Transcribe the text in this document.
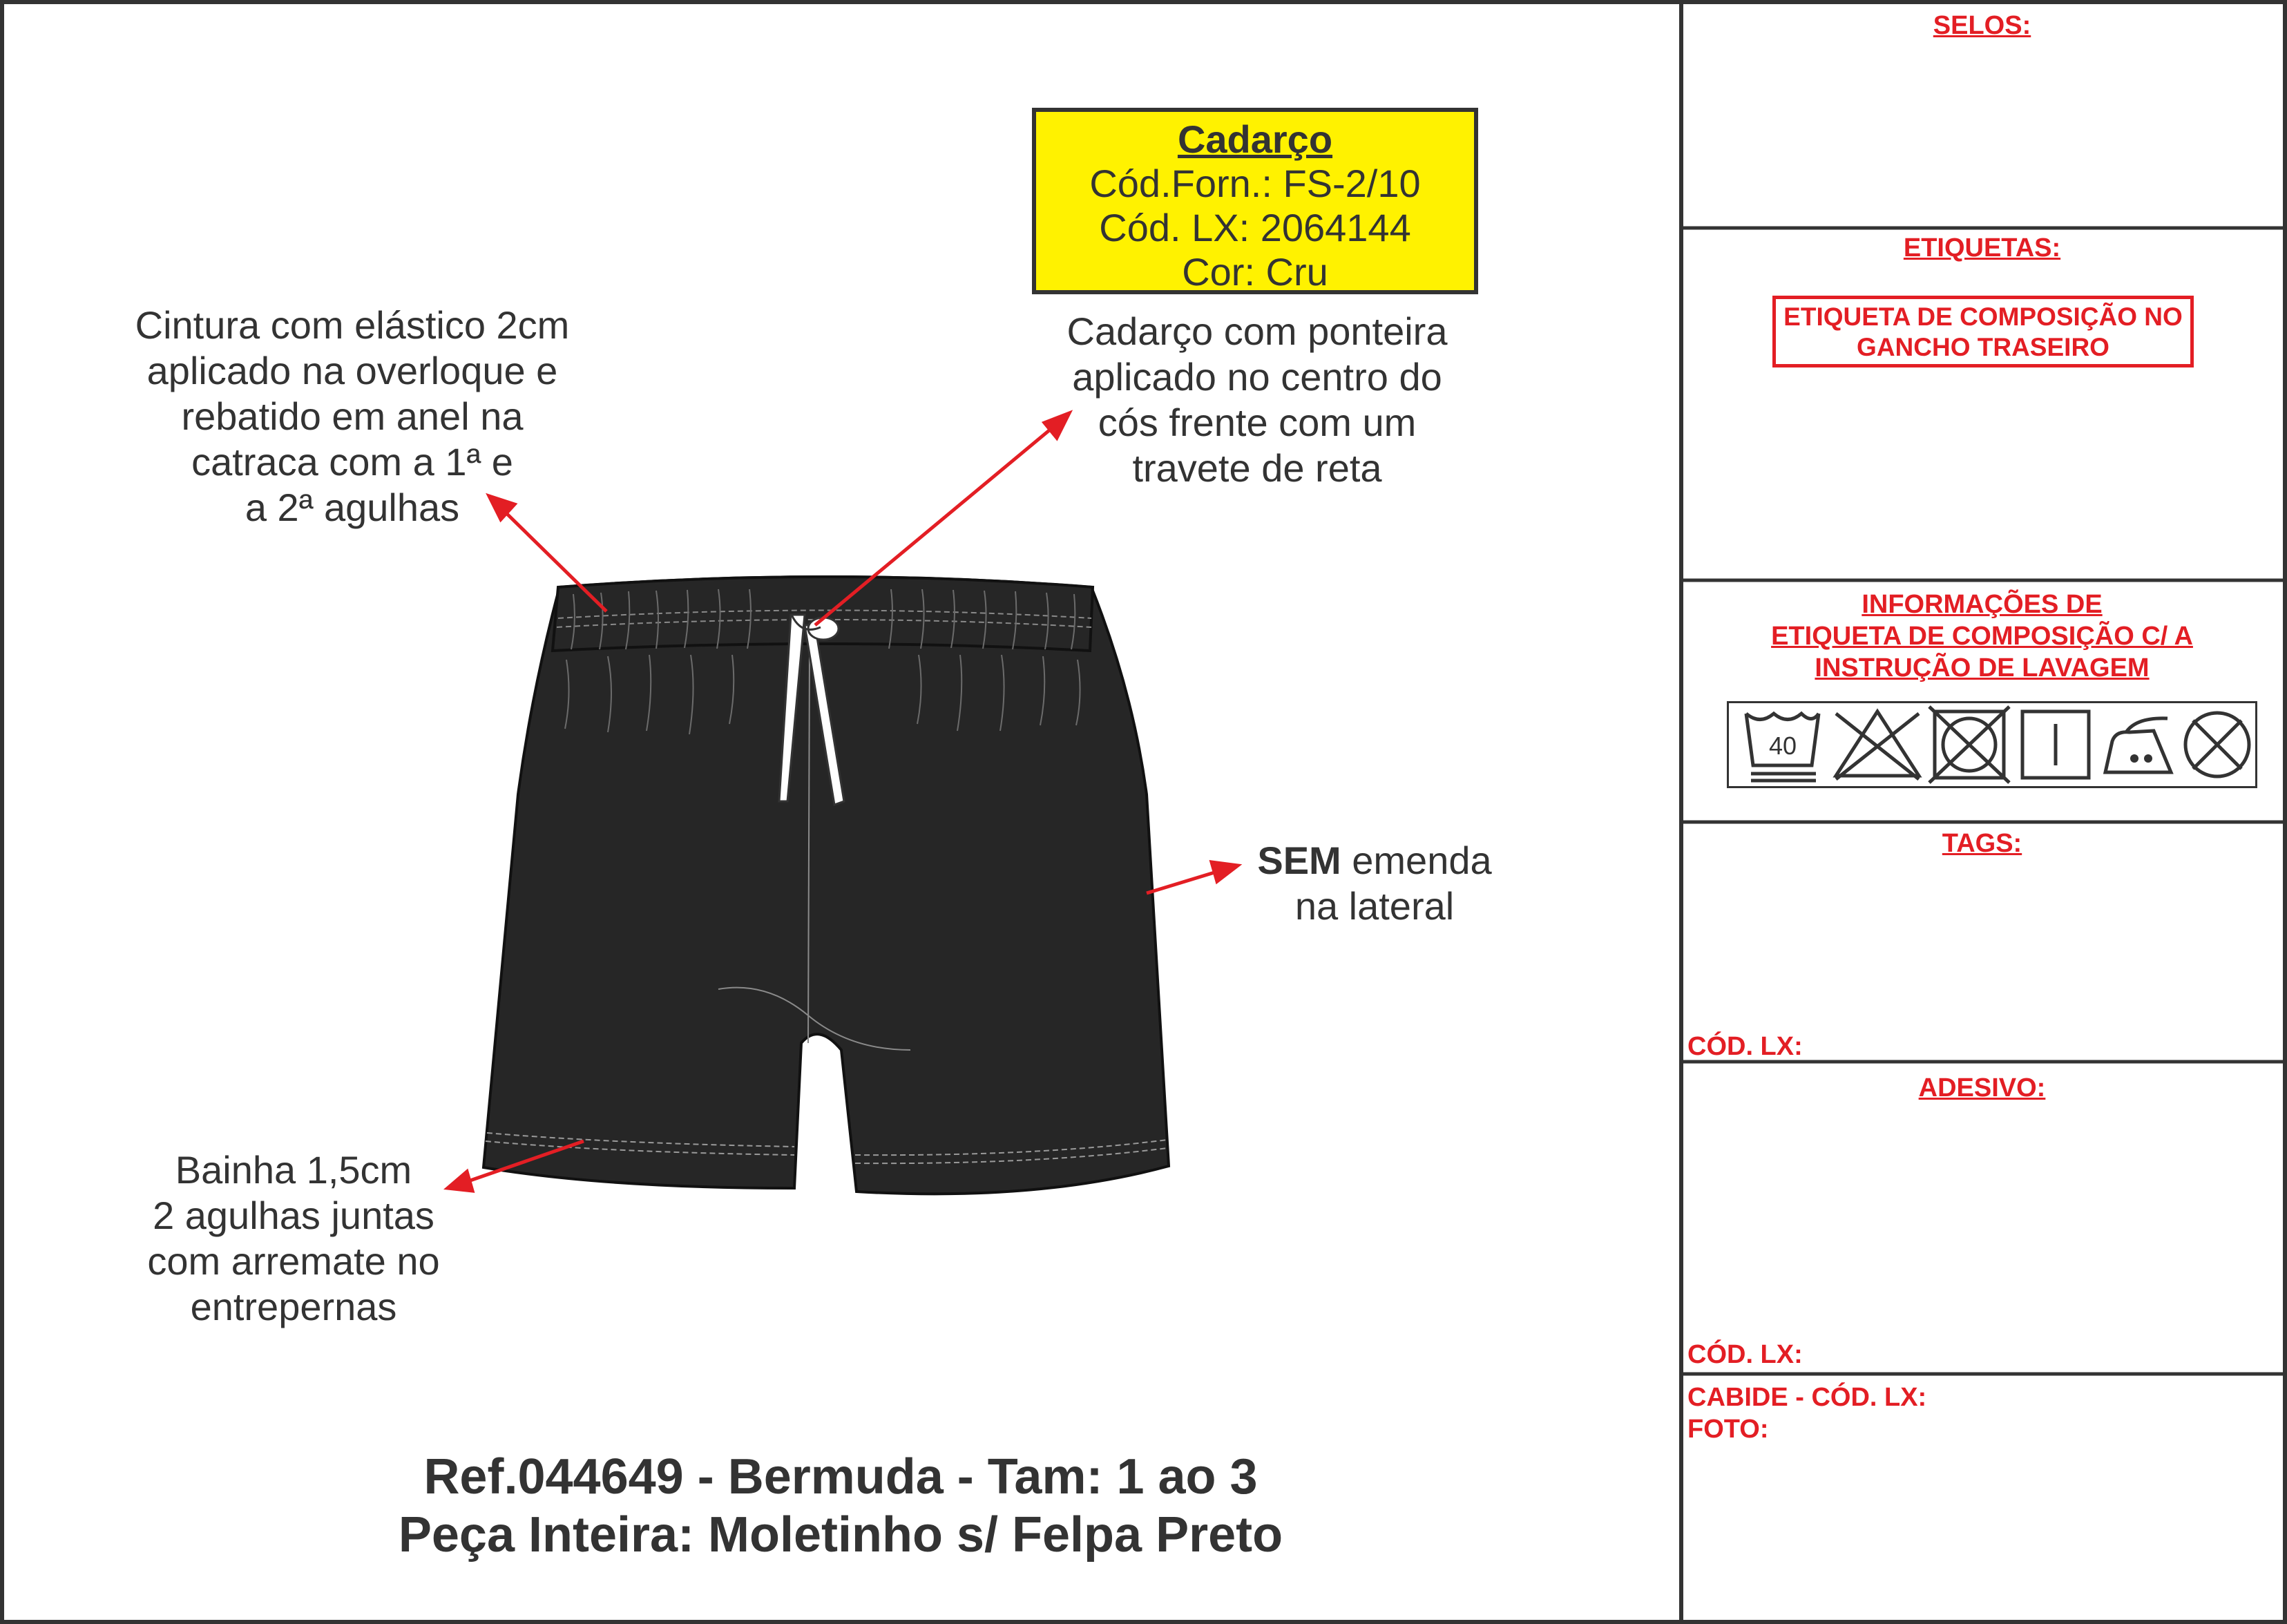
Cadarço
Cód.Forn.: FS-2/10
Cód. LX: 2064144
Cor: Cru
Cintura com elástico 2cm
aplicado na overloque e
rebatido em anel na
catraca com a 1ª e
a 2ª agulhas
Cadarço com ponteira
aplicado no centro do
cós frente com um
travete de reta
SEM emenda
na lateral
Bainha 1,5cm
2 agulhas juntas
com arremate no
entrepernas
Ref.044649 - Bermuda - Tam: 1 ao 3
Peça Inteira: Moletinho s/ Felpa Preto
SELOS:
ETIQUETAS:
ETIQUETA DE COMPOSIÇÃO NO
GANCHO TRASEIRO
INFORMAÇÕES DE
ETIQUETA DE COMPOSIÇÃO C/ A
INSTRUÇÃO DE LAVAGEM
40
TAGS:
CÓD. LX:
ADESIVO:
CÓD. LX:
CABIDE - CÓD. LX:
FOTO:
